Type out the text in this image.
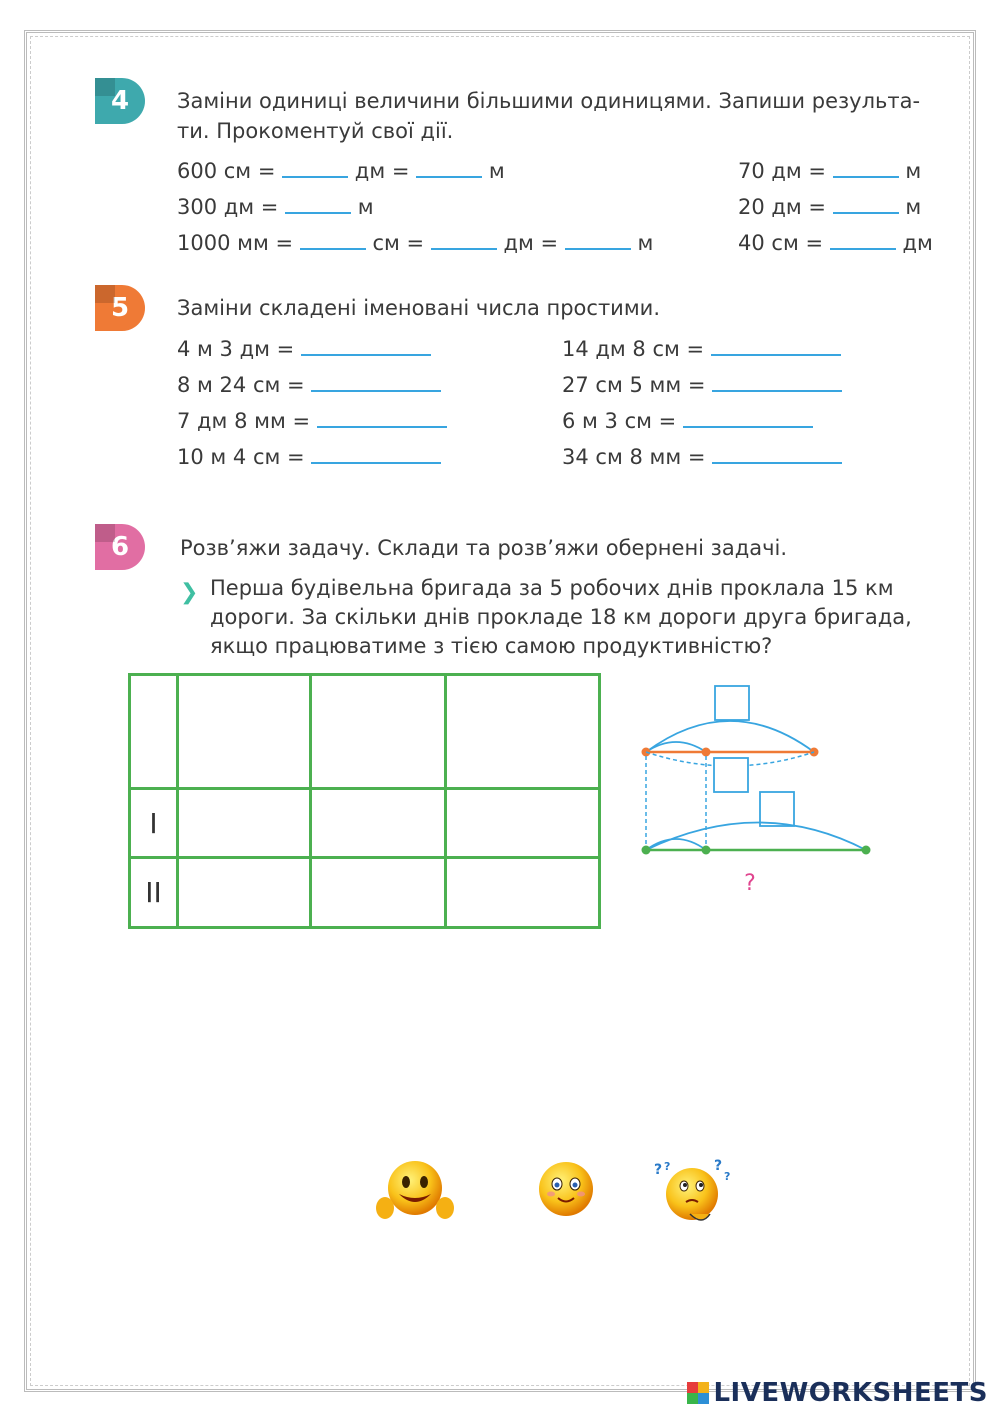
4	Заміни одиниці величини більшими одиницями. Запиши результа-
ти. Прокоментуй свої дії.
600 см =	дм =	м
300 дм =	м
1000 мм =	см =	дм =	м
70 дм =	м
20 дм =	м
40 см =	дм
5	Заміни складені іменовані числа простими.
4 м 3 дм =
8 м 24 см =
7 дм 8 мм =
10 м 4 см =
14 дм 8 см =
27 см 5 мм =
6 м 3 см =
34 см 8 мм =
6	Розв’яжи задачу. Склади та розв’яжи обернені задачі.
❯ Перша будівельна бригада за 5 робочих днів проклала 15 км
дороги. За скільки днів прокладе 18 км дороги друга бригада,
якщо працюватиме з тією самою продуктивністю?

I			
II				?
? ?	?
?
LIVEWORKSHEETS
